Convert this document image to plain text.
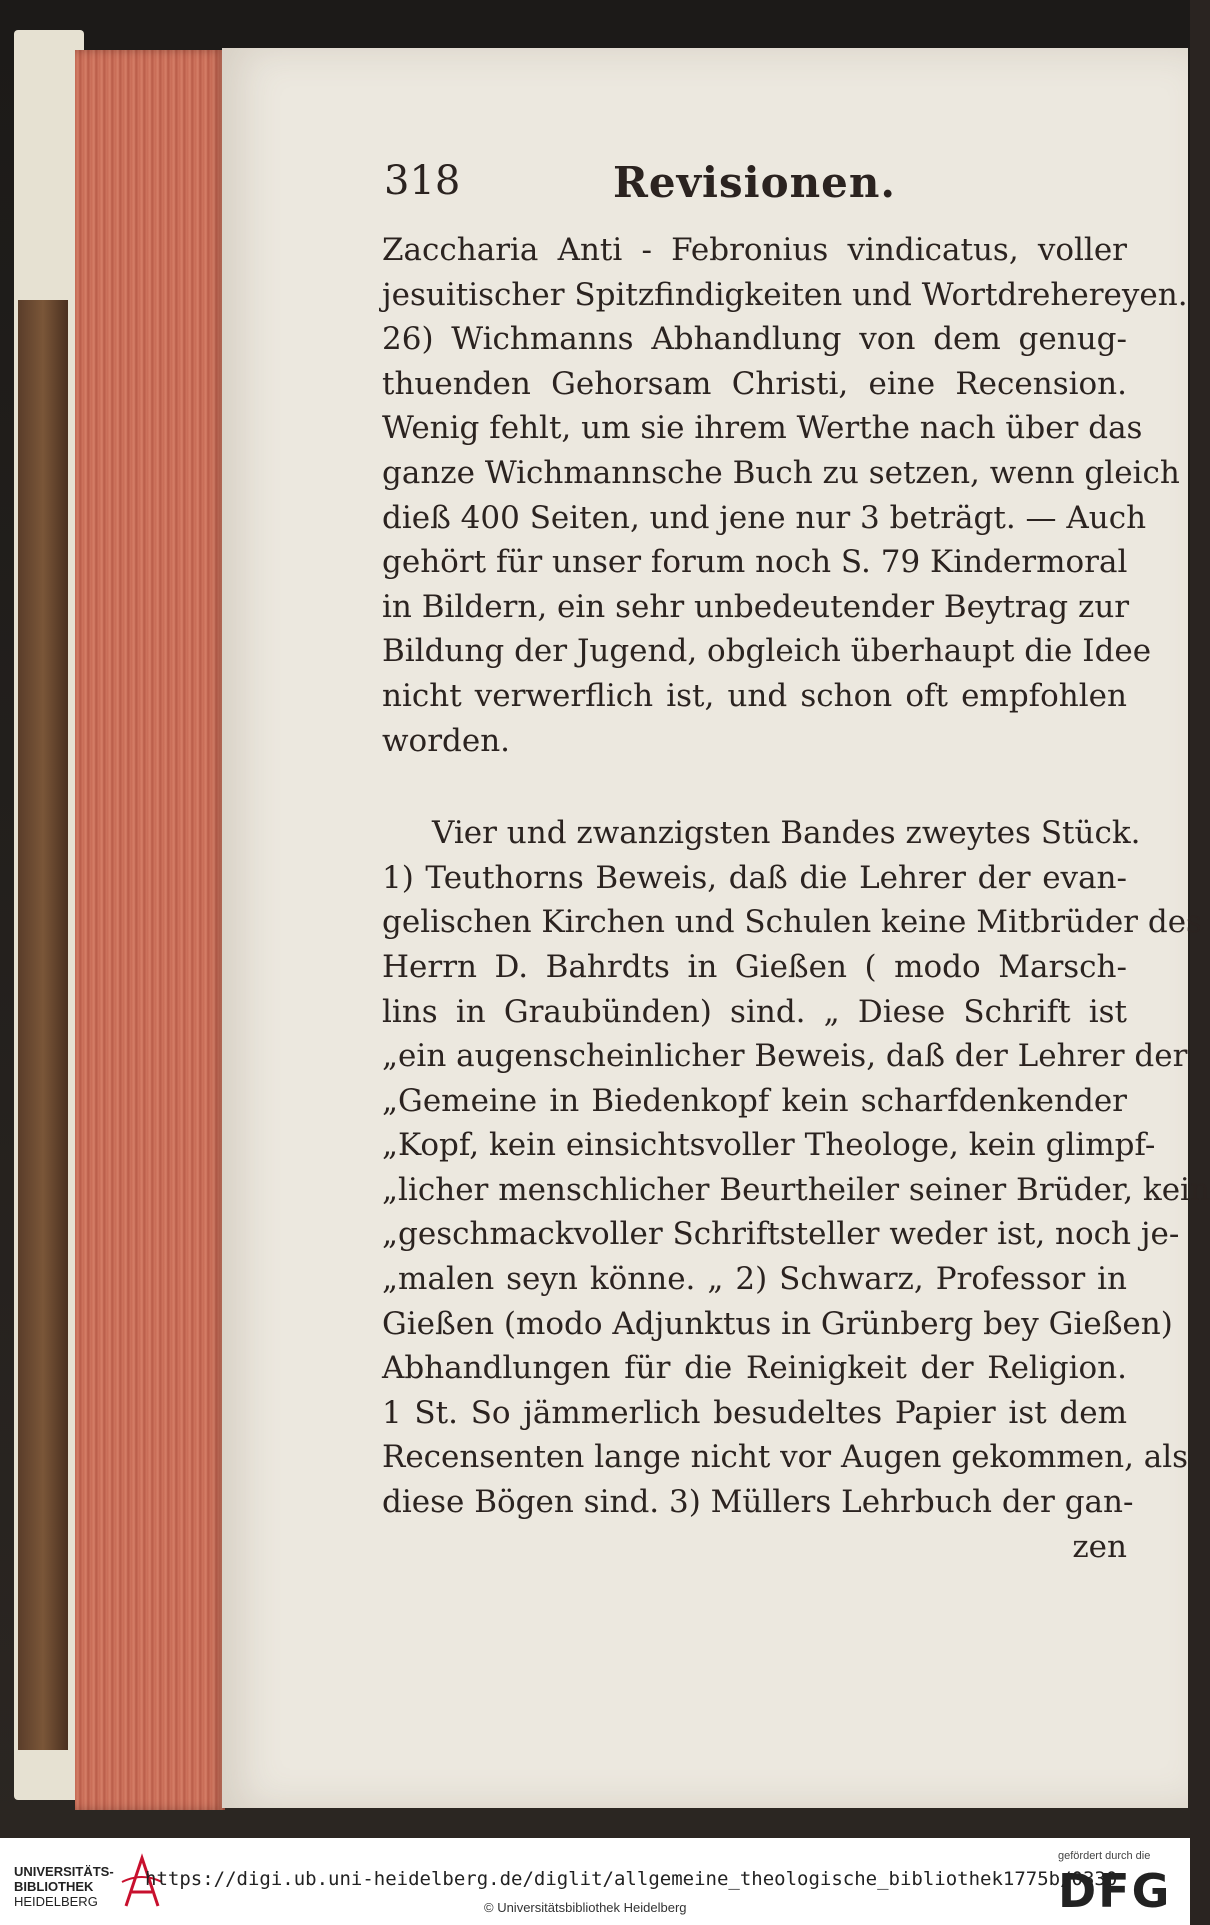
318	Revisionen.
Zaccharia Anti - Febronius vindicatus, voller
jesuitischer Spitzfindigkeiten und Wortdrehereyen.
26) Wichmanns Abhandlung von dem genug-
thuenden Gehorsam Christi, eine Recension.
Wenig fehlt, um sie ihrem Werthe nach über das
ganze Wichmannsche Buch zu setzen, wenn gleich
dieß 400 Seiten, und jene nur 3 beträgt. — Auch
gehört für unser forum noch S. 79 Kindermoral
in Bildern, ein sehr unbedeutender Beytrag zur
Bildung der Jugend, obgleich überhaupt die Idee
nicht verwerflich ist, und schon oft empfohlen
worden.
Vier und zwanzigsten Bandes zweytes Stück.
1) Teuthorns Beweis, daß die Lehrer der evan-
gelischen Kirchen und Schulen keine Mitbrüder des
Herrn D. Bahrdts in Gießen ( modo Marsch-
lins in Graubünden) sind. „ Diese Schrift ist
„ein augenscheinlicher Beweis, daß der Lehrer der
„Gemeine in Biedenkopf kein scharfdenkender
„Kopf, kein einsichtsvoller Theologe, kein glimpf-
„licher menschlicher Beurtheiler seiner Brüder, kein
„geschmackvoller Schriftsteller weder ist, noch je-
„malen seyn könne. „ 2) Schwarz, Professor in
Gießen (modo Adjunktus in Grünberg bey Gießen)
Abhandlungen für die Reinigkeit der Religion.
1 St. So jämmerlich besudeltes Papier ist dem
Recensenten lange nicht vor Augen gekommen, als
diese Bögen sind. 3) Müllers Lehrbuch der gan-
zen
UNIVERSITÄTS-
BIBLIOTHEK
HEIDELBERG
https://digi.ub.uni-heidelberg.de/diglit/allgemeine_theologische_bibliothek1775b/0330
© Universitätsbibliothek Heidelberg
gefördert durch die
DFG
